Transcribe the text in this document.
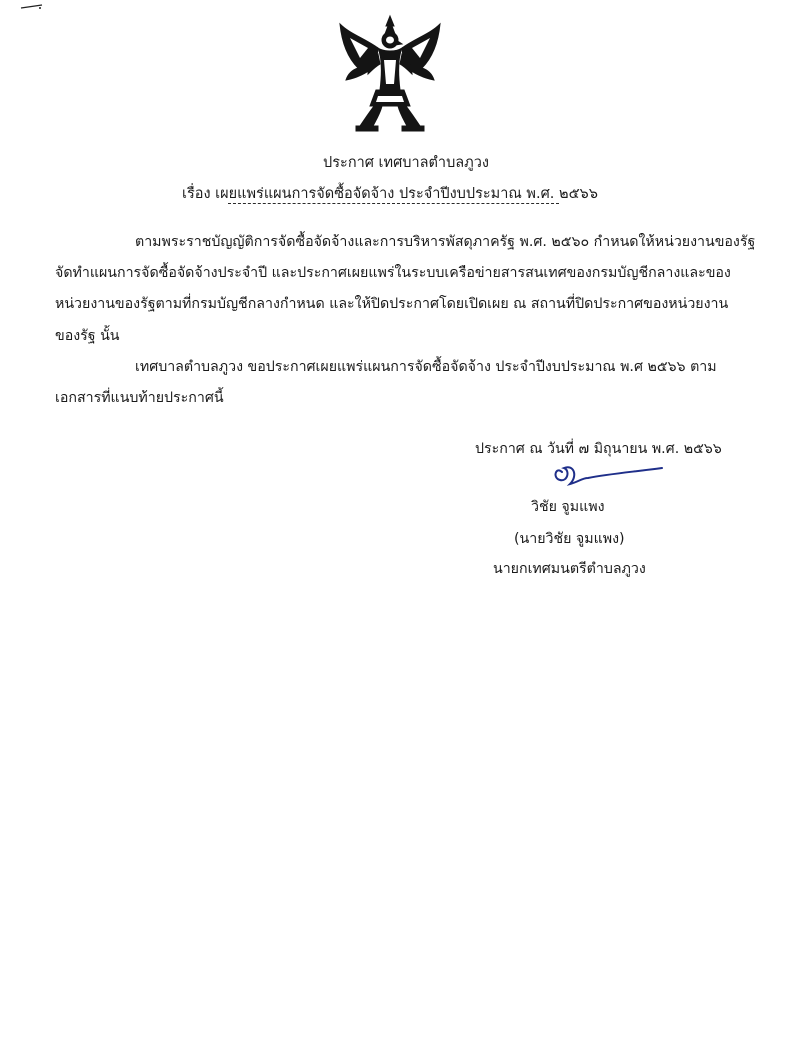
ประกาศ เทศบาลตำบลภูวง
เรื่อง เผยแพร่แผนการจัดซื้อจัดจ้าง ประจำปีงบประมาณ พ.ศ. ๒๕๖๖
ตามพระราชบัญญัติการจัดซื้อจัดจ้างและการบริหารพัสดุภาครัฐ พ.ศ. ๒๕๖๐ กำหนดให้หน่วยงานของรัฐ
จัดทำแผนการจัดซื้อจัดจ้างประจำปี และประกาศเผยแพร่ในระบบเครือข่ายสารสนเทศของกรมบัญชีกลางและของ
หน่วยงานของรัฐตามที่กรมบัญชีกลางกำหนด และให้ปิดประกาศโดยเปิดเผย ณ สถานที่ปิดประกาศของหน่วยงาน
ของรัฐ นั้น
เทศบาลตำบลภูวง ขอประกาศเผยแพร่แผนการจัดซื้อจัดจ้าง ประจำปีงบประมาณ พ.ศ ๒๕๖๖ ตาม
เอกสารที่แนบท้ายประกาศนี้
ประกาศ ณ วันที่ ๗ มิถุนายน พ.ศ. ๒๕๖๖
วิชัย จูมแพง
(นายวิชัย จูมแพง)
นายกเทศมนตรีตำบลภูวง
